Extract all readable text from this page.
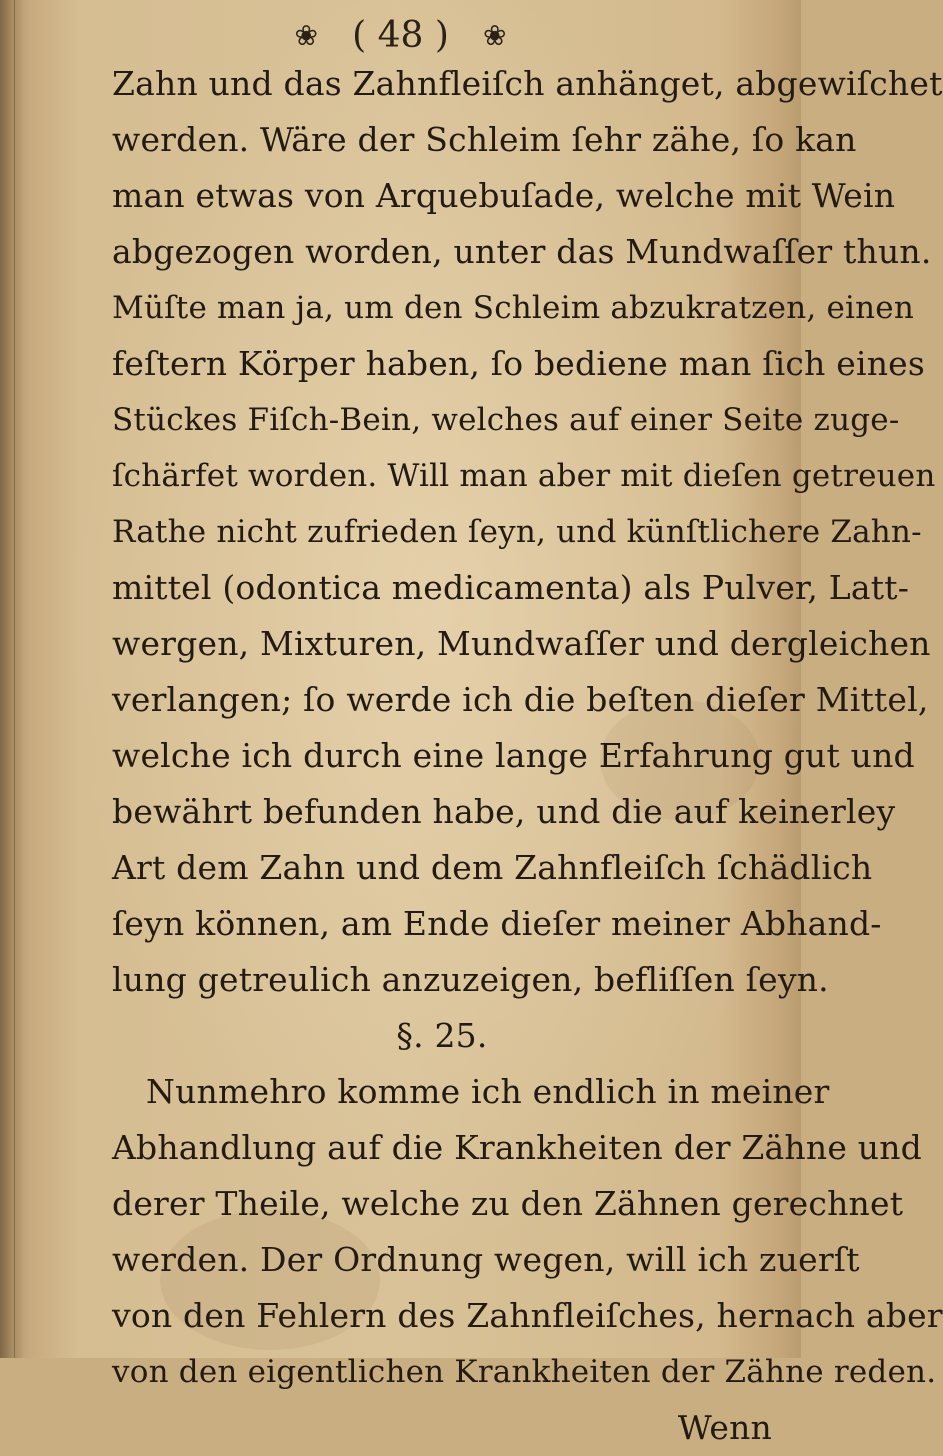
❀ ( 48 ) ❀
Zahn und das Zahnfleiſch anhänget, abgewiſchet
werden. Wäre der Schleim ſehr zähe, ſo kan
man etwas von Arquebuſade, welche mit Wein
abgezogen worden, unter das Mundwaſſer thun.
Müſte man ja, um den Schleim abzukratzen, einen
feſtern Körper haben, ſo bediene man ſich eines
Stückes Fiſch-Bein, welches auf einer Seite zuge-
ſchärfet worden. Will man aber mit dieſen getreuen
Rathe nicht zufrieden ſeyn, und künſtlichere Zahn-
mittel (odontica medicamenta) als Pulver, Latt-
wergen, Mixturen, Mundwaſſer und dergleichen
verlangen; ſo werde ich die beſten dieſer Mittel,
welche ich durch eine lange Erfahrung gut und
bewährt befunden habe, und die auf keinerley
Art dem Zahn und dem Zahnfleiſch ſchädlich
ſeyn können, am Ende dieſer meiner Abhand-
lung getreulich anzuzeigen, befliſſen ſeyn.
§. 25.
Nunmehro komme ich endlich in meiner
Abhandlung auf die Krankheiten der Zähne und
derer Theile, welche zu den Zähnen gerechnet
werden. Der Ordnung wegen, will ich zuerſt
von den Fehlern des Zahnfleiſches, hernach aber
von den eigentlichen Krankheiten der Zähne reden.
Wenn
